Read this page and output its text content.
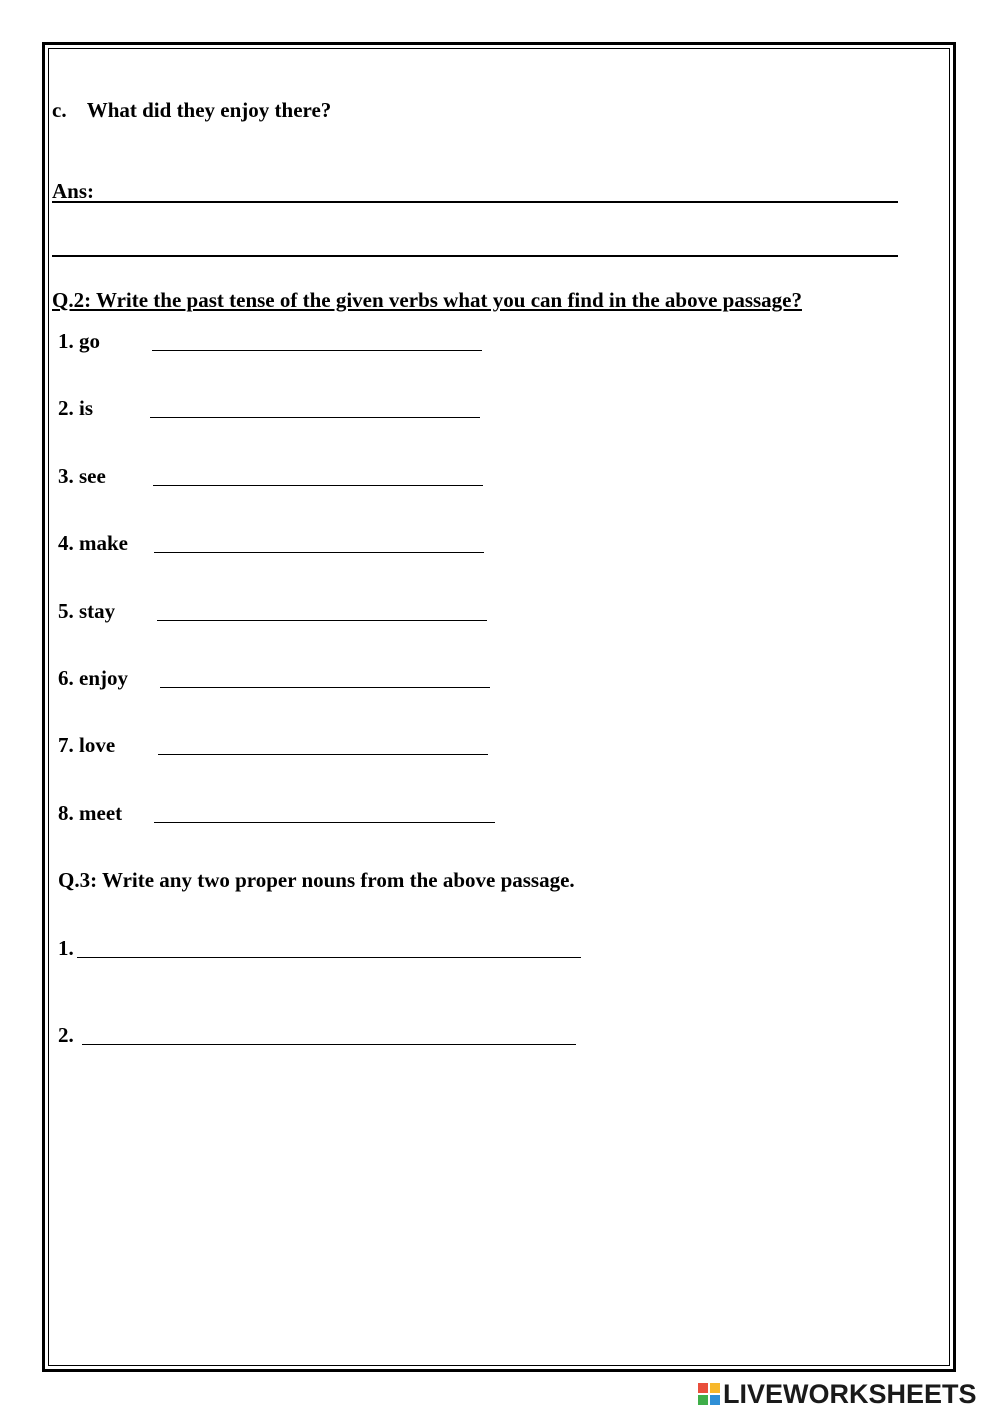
c. What did they enjoy there?
Ans:
Q.2: Write the past tense of the given verbs what you can find in the above passage?
1. go
2. is
3. see
4. make
5. stay
6. enjoy
7. love
8. meet
Q.3: Write any two proper nouns from the above passage.
1.
2.
LIVEWORKSHEETS
